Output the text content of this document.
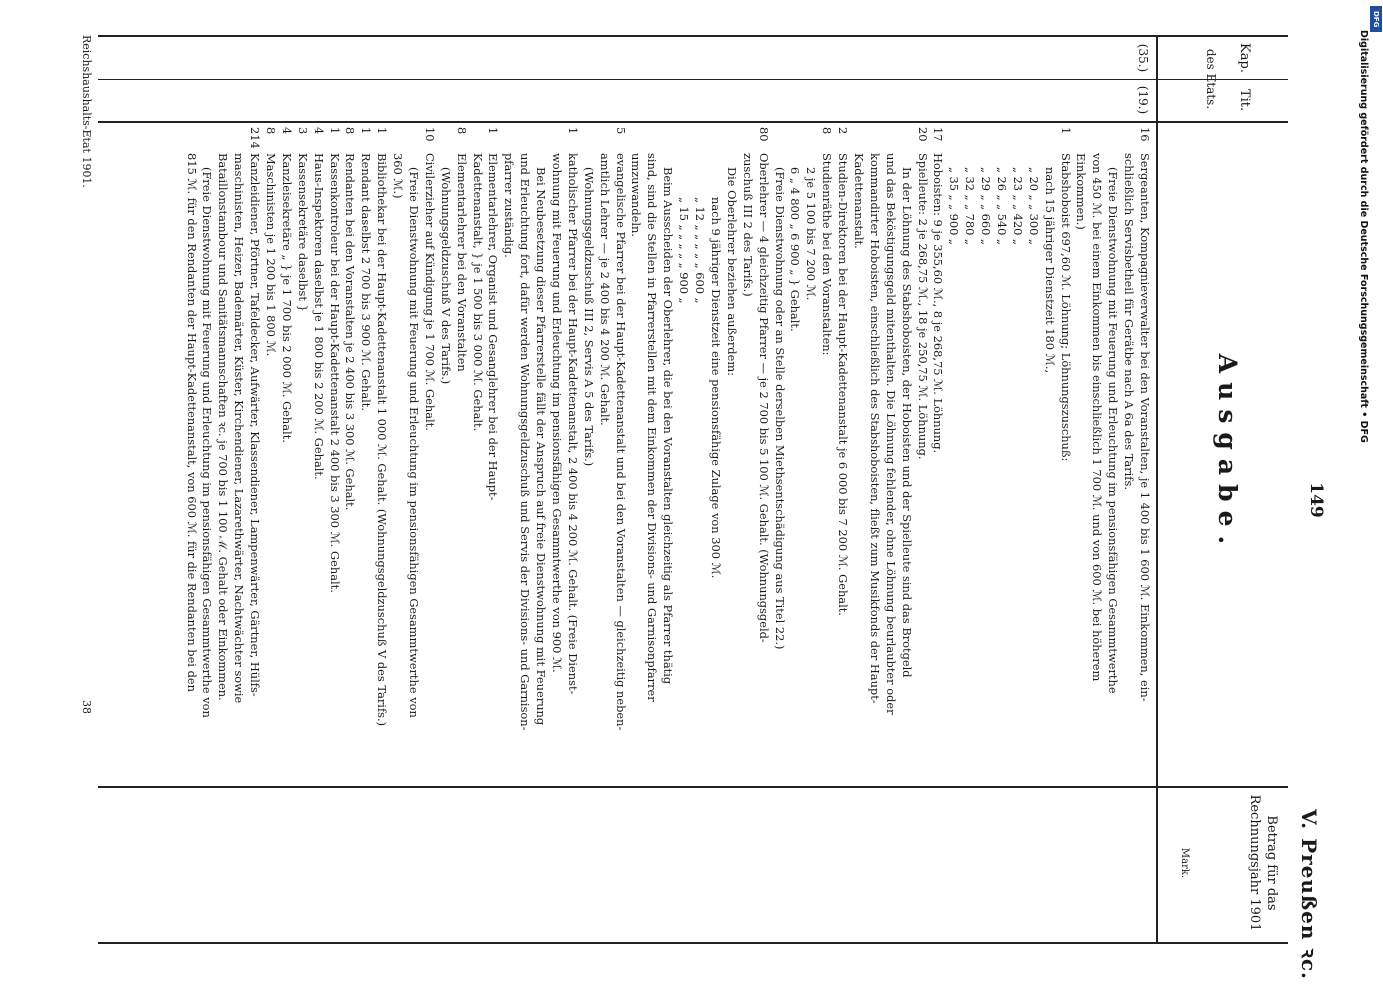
149
V. Preußen ꝛc.
Kap.
Tit.
des Etats.
Ausgabe.
Betrag für das Rechnungsjahr 1901
Mark.
(35.)
(19.)
16
Sergeanten, Kompagnieverwalter bei den Voranstalten, je 1 400 bis 1 600 ℳ. Einkommen, ein-
schließlich Servisbetheil für Gerätbe nach A 6a des Tarifs.
(Freie Dienstwohnung mit Feuerung und Erleuchtung im pensionsfähigen Gesammtwerthe
von 450 ℳ. bei einem Einkommen bis einschließlich 1 700 ℳ. und von 600 ℳ. bei höherem
Einkommen.)
1
Stabshoboist 697,60 ℳ. Löhnung; Löhnungszuschuß:
nach 15 jähriger Dienstzeit 180 ℳ.,
„ 20 „ „ 300 „
„ 23 „ „ 420 „
„ 26 „ „ 540 „
„ 29 „ „ 660 „
„ 32 „ „ 780 „
„ 35 „ „ 900 „
17
Hoboisten: 9 je 355,60 ℳ., 8 je 268,75 ℳ. Löhnung.
20
Spielleute: 2 je 268,75 ℳ., 18 je 250,75 ℳ. Löhnung.
In der Löhnung des Stabshoboisten, der Hoboisten und der Spielleute sind das Brotgeld
und das Beköstigungsgeld mitenthalten. Die Löhnung fehlender, ohne Löhnung beurlaubter oder
kommandirter Hoboisten, einschließlich des Stabshoboisten, fließt zum Musikfonds der Haupt-
Kadettenanstalt.
2
Studien-Direktoren bei der Haupt-Kadettenanstalt je 6 000 bis 7 200 ℳ. Gehalt.
8
Studienräthe bei den Voranstalten:
2 je 5 100 bis 7 200 ℳ.
6 „ 4 800 „ 6 900 „ } Gehalt.
(Freie Dienstwohnung oder an Stelle derselben Miethsentschädigung aus Titel 22.)
80
Oberlehrer — 4 gleichzeitig Pfarrer — je 2 700 bis 5 100 ℳ. Gehalt. (Wohnungsgeld-
zuschuß III 2 des Tarifs.)
Die Oberlehrer beziehen außerdem:
nach 9 jähriger Dienstzeit eine pensionsfähige Zulage von 300 ℳ.
„ 12 „ „ „ „ „ 600 „
„ 15 „ „ „ „ „ 900 „
Beim Ausscheiden der Oberlehrer, die bei den Voranstalten gleichzeitig als Pfarrer thätig
sind, sind die Stellen in Pfarrerstellen mit dem Einkommen der Divisions- und Garnisonpfarrer
umzuwandeln.
5
evangelische Pfarrer bei der Haupt-Kadettenanstalt und bei den Voranstalten — gleichzeitig neben-
amtlich Lehrer — je 2 400 bis 4 200 ℳ. Gehalt.
(Wohnungsgeldzuschuß III 2, Servis A 5 des Tarifs.)
1
katholischer Pfarrer bei der Haupt-Kadettenanstalt, 2 400 bis 4 200 ℳ. Gehalt. (Freie Dienst-
wohnung mit Feuerung und Erleuchtung im pensionsfähigen Gesammtwerthe von 900 ℳ.
Bei Neubesetzung dieser Pfarrerstelle fällt der Anspruch auf freie Dienstwohnung mit Feuerung
und Erleuchtung fort, dafür werden Wohnungsgeldzuschuß und Servis der Divisions- und Garnison-
pfarrer zuständig.
1
Elementarlehrer, Organist und Gesanglehrer bei der Haupt-
Kadettenanstalt, } je 1 500 bis 3 000 ℳ. Gehalt.
8
Elementarlehrer bei den Voranstalten
(Wohnungsgeldzuschuß V des Tarifs.)
10
Civilerzieher auf Kündigung je 1 700 ℳ. Gehalt.
(Freie Dienstwohnung mit Feuerung und Erleuchtung im pensionsfähigen Gesammtwerthe von
360 ℳ.)
1
Bibliothekar bei der Haupt-Kadettenanstalt 1 000 ℳ. Gehalt. (Wohnungsgeldzuschuß V des Tarifs.)
1
Rendant daselbst 2 700 bis 3 900 ℳ. Gehalt.
8
Rendanten bei den Voranstalten je 2 400 bis 3 300 ℳ. Gehalt.
1
Kassenkontroleur bei der Haupt-Kadettenanstalt 2 400 bis 3 300 ℳ. Gehalt.
4
Haus-Inspektoren daselbst je 1 800 bis 2 200 ℳ. Gehalt.
3
Kassensekretäre daselbst }
4
Kanzleisekretäre „ } je 1 700 bis 2 000 ℳ. Gehalt.
8
Maschinisten je 1 200 bis 1 800 ℳ.
214
Kanzleidiener, Pförtner, Tafeldecker, Aufwärter, Klassendiener, Lampenwärter, Gärtner, Hülfs-
maschinisten, Heizer, Bademärter, Küster, Kirchendiener, Lazarethwärter, Nachtwächter sowie
Bataillonstambour und Sanitätsmannschaften ꝛc. je 700 bis 1 100 ℳ. Gehalt oder Einkommen.
(Freie Dienstwohnung mit Feuerung und Erleuchtung im pensionsfähigen Gesammtwerthe von
815 ℳ. für den Rendanten der Haupt-Kadettenanstalt, von 600 ℳ. für die Rendanten bei den
Reichshaushalts-Etat 1901.
38
DFG
Digitalisierung gefördert durch die Deutsche Forschungsgemeinschaft • DFG
